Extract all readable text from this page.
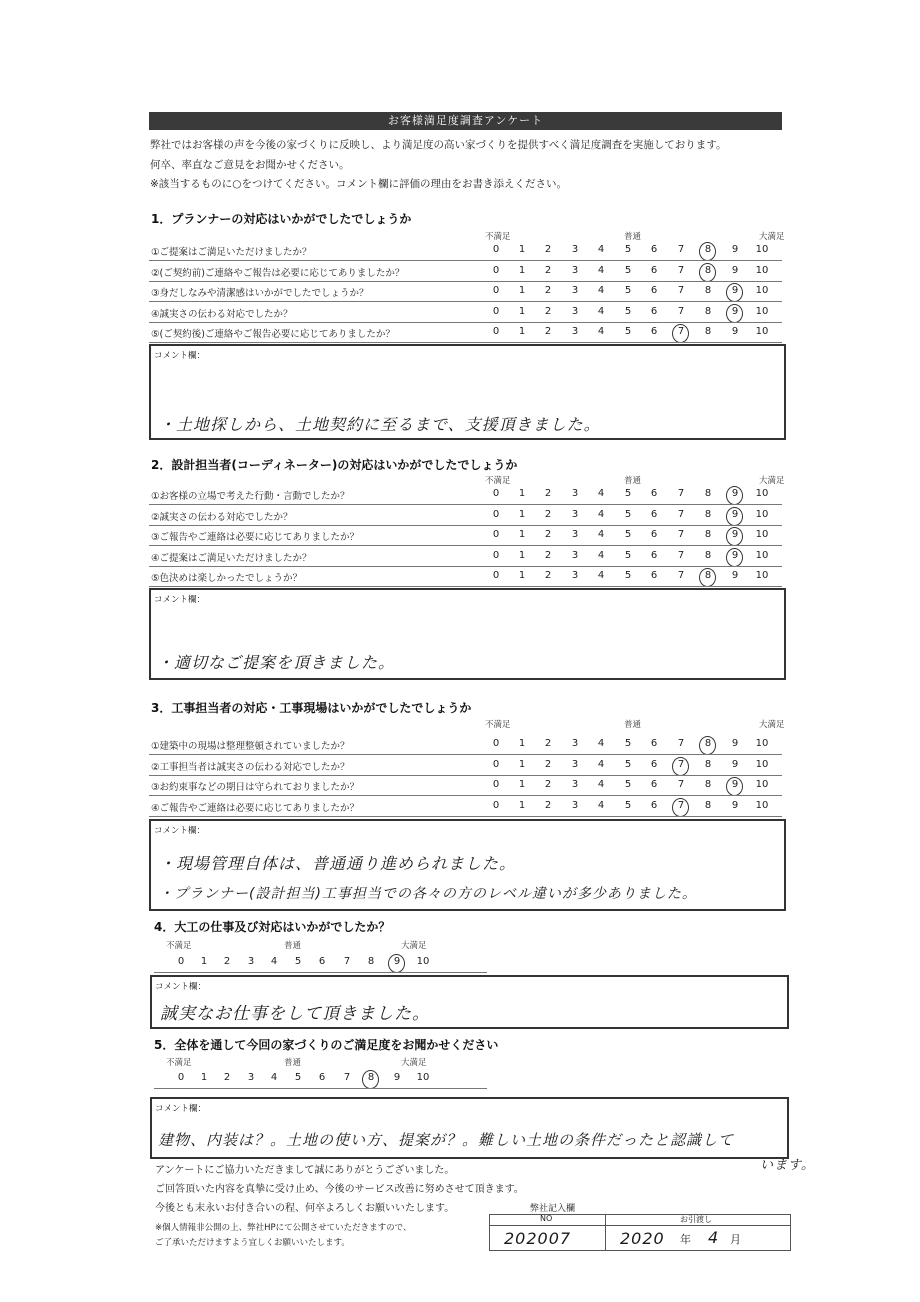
お客様満足度調査アンケート
弊社ではお客様の声を今後の家づくりに反映し、より満足度の高い家づくりを提供すべく満足度調査を実施しております。
何卒、率直なご意見をお聞かせください。
※該当するものに○をつけてください。コメント欄に評価の理由をお書き添えください。
1．プランナーの対応はいかがでしたでしょうか
不満足	普通	大満足
①ご提案はご満足いただけましたか？	0	1	2	3	4	5	6	7	8	9	10
②(ご契約前)ご連絡やご報告は必要に応じてありましたか？	0	1	2	3	4	5	6	7	8	9	10
③身だしなみや清潔感はいかがでしたでしょうか？	0	1	2	3	4	5	6	7	8	9	10
④誠実さの伝わる対応でしたか？	0	1	2	3	4	5	6	7	8	9	10
⑤(ご契約後)ご連絡やご報告必要に応じてありましたか？	0	1	2	3	4	5	6	7	8	9	10
コメント欄：
・土地探しから、土地契約に至るまで、支援頂きました。
2．設計担当者(コーディネーター)の対応はいかがでしたでしょうか
不満足	普通	大満足
①お客様の立場で考えた行動・言動でしたか？	0	1	2	3	4	5	6	7	8	9	10
②誠実さの伝わる対応でしたか？	0	1	2	3	4	5	6	7	8	9	10
③ご報告やご連絡は必要に応じてありましたか？	0	1	2	3	4	5	6	7	8	9	10
④ご提案はご満足いただけましたか？	0	1	2	3	4	5	6	7	8	9	10
⑤色決めは楽しかったでしょうか？	0	1	2	3	4	5	6	7	8	9	10
コメント欄：
・適切なご提案を頂きました。
3．工事担当者の対応・工事現場はいかがでしたでしょうか
不満足	普通	大満足
①建築中の現場は整理整頓されていましたか？	0	1	2	3	4	5	6	7	8	9	10
②工事担当者は誠実さの伝わる対応でしたか？	0	1	2	3	4	5	6	7	8	9	10
③お約束事などの期日は守られておりましたか？	0	1	2	3	4	5	6	7	8	9	10
④ご報告やご連絡は必要に応じてありましたか？	0	1	2	3	4	5	6	7	8	9	10
コメント欄：
・現場管理自体は、普通通り進められました。
・プランナー(設計担当)工事担当での各々の方のレベル違いが多少ありました。
4．大工の仕事及び対応はいかがでしたか？
不満足	普通	大満足
0	1	2	3	4	5	6	7	8	9	10
コメント欄：
誠実なお仕事をして頂きました。
5．全体を通して今回の家づくりのご満足度をお聞かせください
不満足	普通	大満足
0	1	2	3	4	5	6	7	8	9	10
コメント欄：
建物、内装は？。土地の使い方、提案が？。難しい土地の条件だったと認識して
います。
アンケートにご協力いただきまして誠にありがとうございました。
ご回答頂いた内容を真摯に受け止め、今後のサービス改善に努めさせて頂きます。
今後とも末永いお付き合いの程、何卒よろしくお願いいたします。
※個人情報非公開の上、弊社HPにて公開させていただきますので、
ご了承いただけますよう宜しくお願いいたします。
弊社記入欄
NO	お引渡し
202007	2020 年 4 月
